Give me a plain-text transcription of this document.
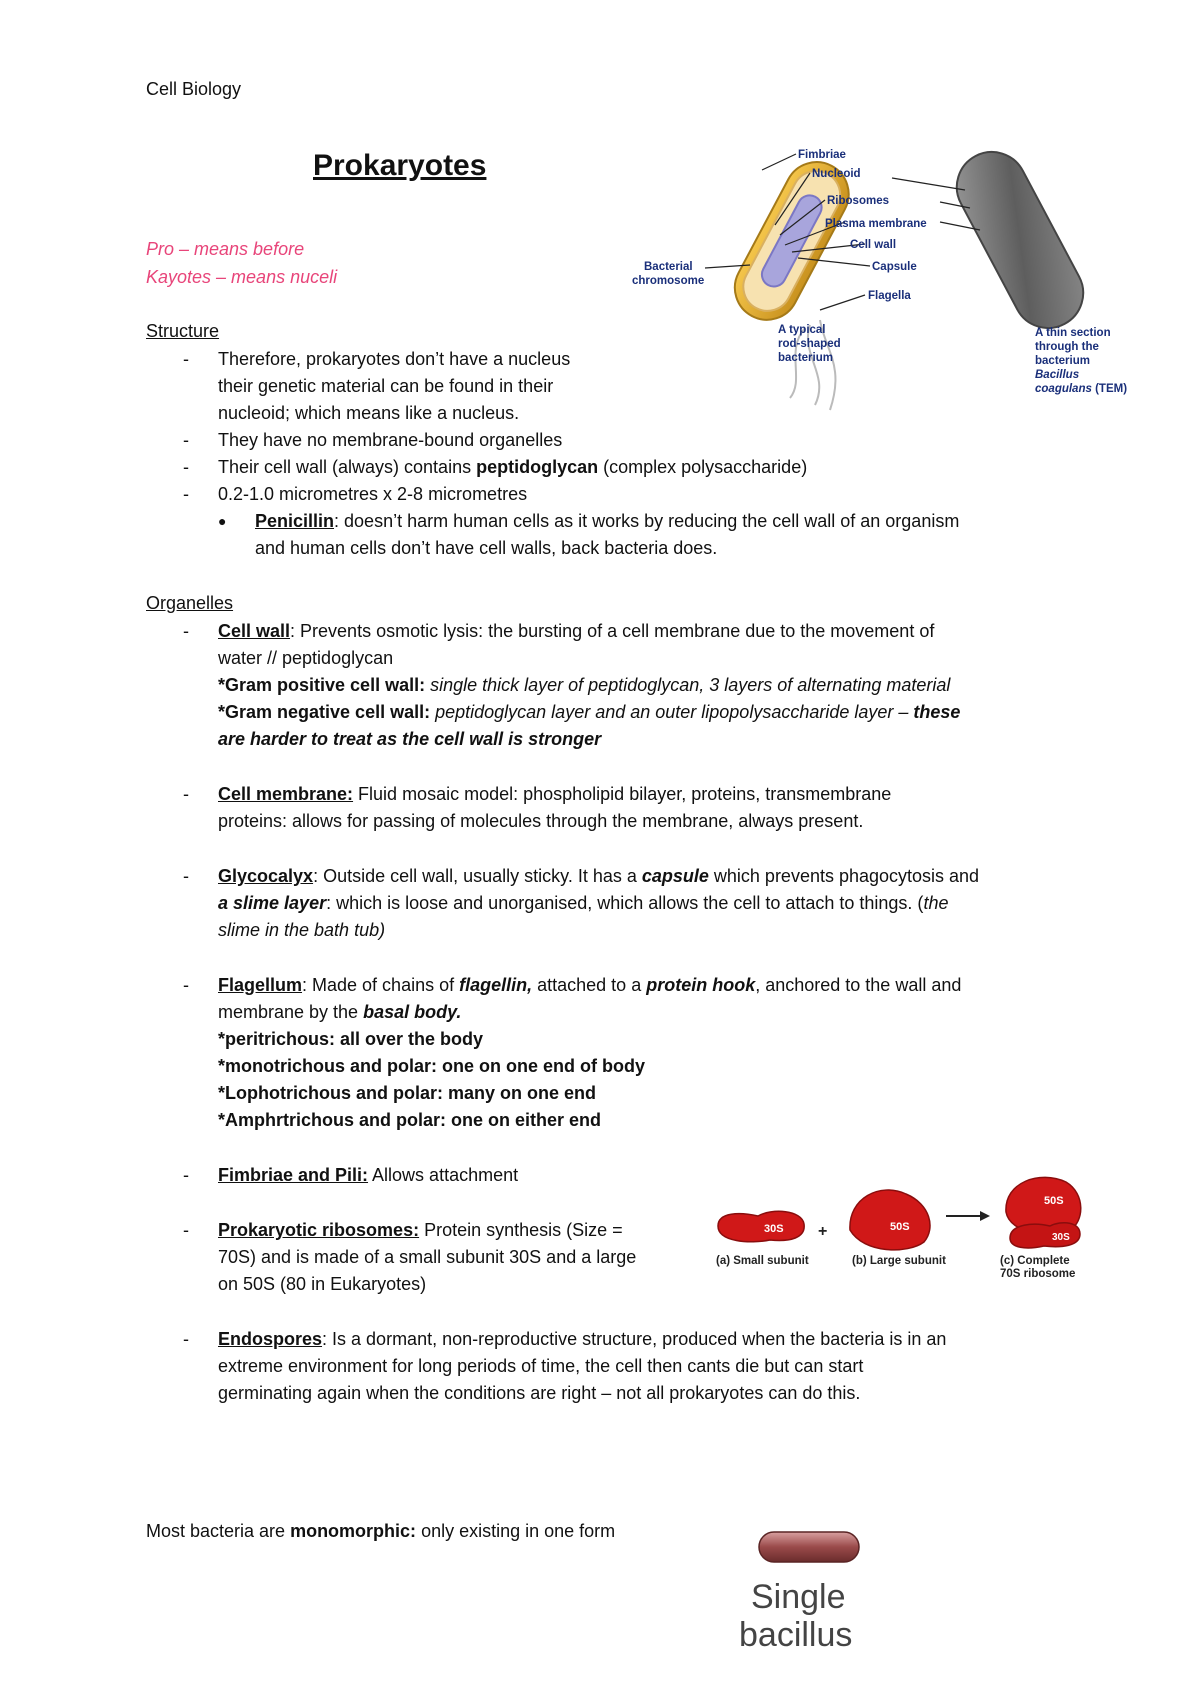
Cell Biology
Prokaryotes
Pro – means before
Kayotes – means nuceli
Structure
- Therefore, prokaryotes don’t have a nucleus
their genetic material can be found in their
nucleoid; which means like a nucleus.
- They have no membrane-bound organelles
- Their cell wall (always) contains peptidoglycan (complex polysaccharide)
- 0.2-1.0 micrometres x 2-8 micrometres
● Penicillin: doesn’t harm human cells as it works by reducing the cell wall of an organism
and human cells don’t have cell walls, back bacteria does.
Organelles
- Cell wall: Prevents osmotic lysis: the bursting of a cell membrane due to the movement of
water // peptidoglycan
*Gram positive cell wall: single thick layer of peptidoglycan, 3 layers of alternating material
*Gram negative cell wall: peptidoglycan layer and an outer lipopolysaccharide layer – these
are harder to treat as the cell wall is stronger
- Cell membrane: Fluid mosaic model: phospholipid bilayer, proteins, transmembrane
proteins: allows for passing of molecules through the membrane, always present.
- Glycocalyx: Outside cell wall, usually sticky. It has a capsule which prevents phagocytosis and
a slime layer: which is loose and unorganised, which allows the cell to attach to things. (the
slime in the bath tub)
- Flagellum: Made of chains of flagellin, attached to a protein hook, anchored to the wall and
membrane by the basal body.
*peritrichous: all over the body
*monotrichous and polar: one on one end of body
*Lophotrichous and polar: many on one end
*Amphrtrichous and polar: one on either end
- Fimbriae and Pili: Allows attachment
- Prokaryotic ribosomes: Protein synthesis (Size =
70S) and is made of a small subunit 30S and a large
on 50S (80 in Eukaryotes)
- Endospores: Is a dormant, non-reproductive structure, produced when the bacteria is in an
extreme environment for long periods of time, the cell then cants die but can start
germinating again when the conditions are right – not all prokaryotes can do this.
Most bacteria are monomorphic: only existing in one form
Fimbriae
Nucleoid
Ribosomes
Plasma membrane
Cell wall
Capsule
Flagella
Bacterial
chromosome
A typical
rod-shaped
bacterium
A thin section
through the
bacterium
Bacillus
coagulans (TEM)
30S +	50S
50S
30S
(a) Small subunit	(b) Large subunit	(c) Complete
70S ribosome
Single
bacillus
